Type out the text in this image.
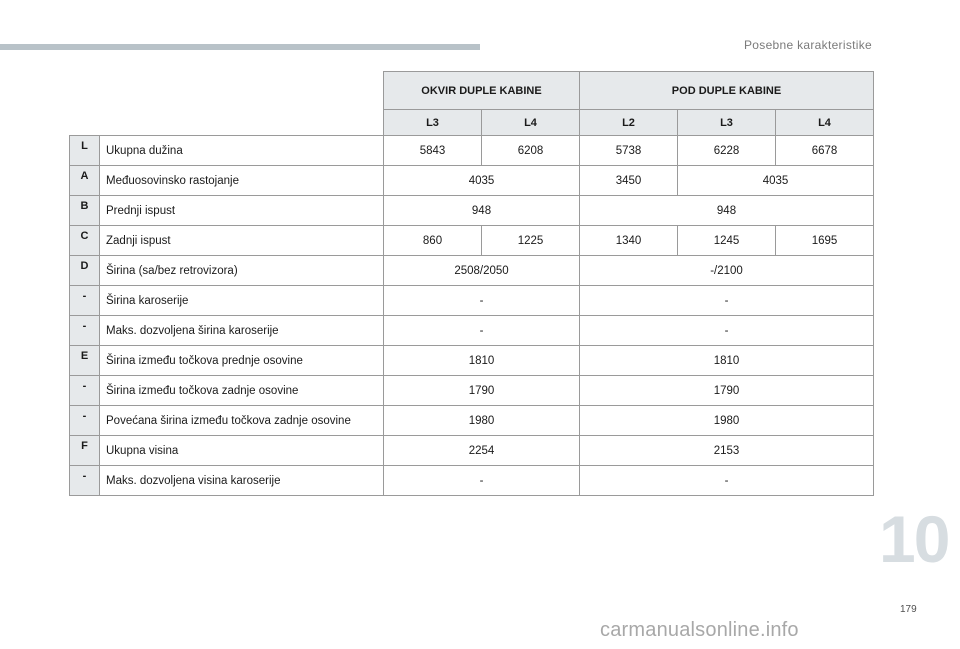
Posebne karakteristike
		OKVIR DUPLE KABINE		POD DUPLE KABINE		
		L3	L4	L2	L3	L4
L	Ukupna dužina	5843	6208	5738	6228	6678
A	Međuosovinsko rastojanje	4035		3450	4035	
B	Prednji ispust	948		948		
C	Zadnji ispust	860	1225	1340	1245	1695
D	Širina (sa/bez retrovizora)	2508/2050		-/2100		
-	Širina karoserije	-		-		
-	Maks. dozvoljena širina karoserije	-		-		
E	Širina između točkova prednje osovine	1810		1810		
-	Širina između točkova zadnje osovine	1790		1790		
-	Povećana širina između točkova zadnje osovine	1980		1980		
F	Ukupna visina	2254		2153		
-	Maks. dozvoljena visina karoserije	-		-		
10
179
carmanualsonline.info
